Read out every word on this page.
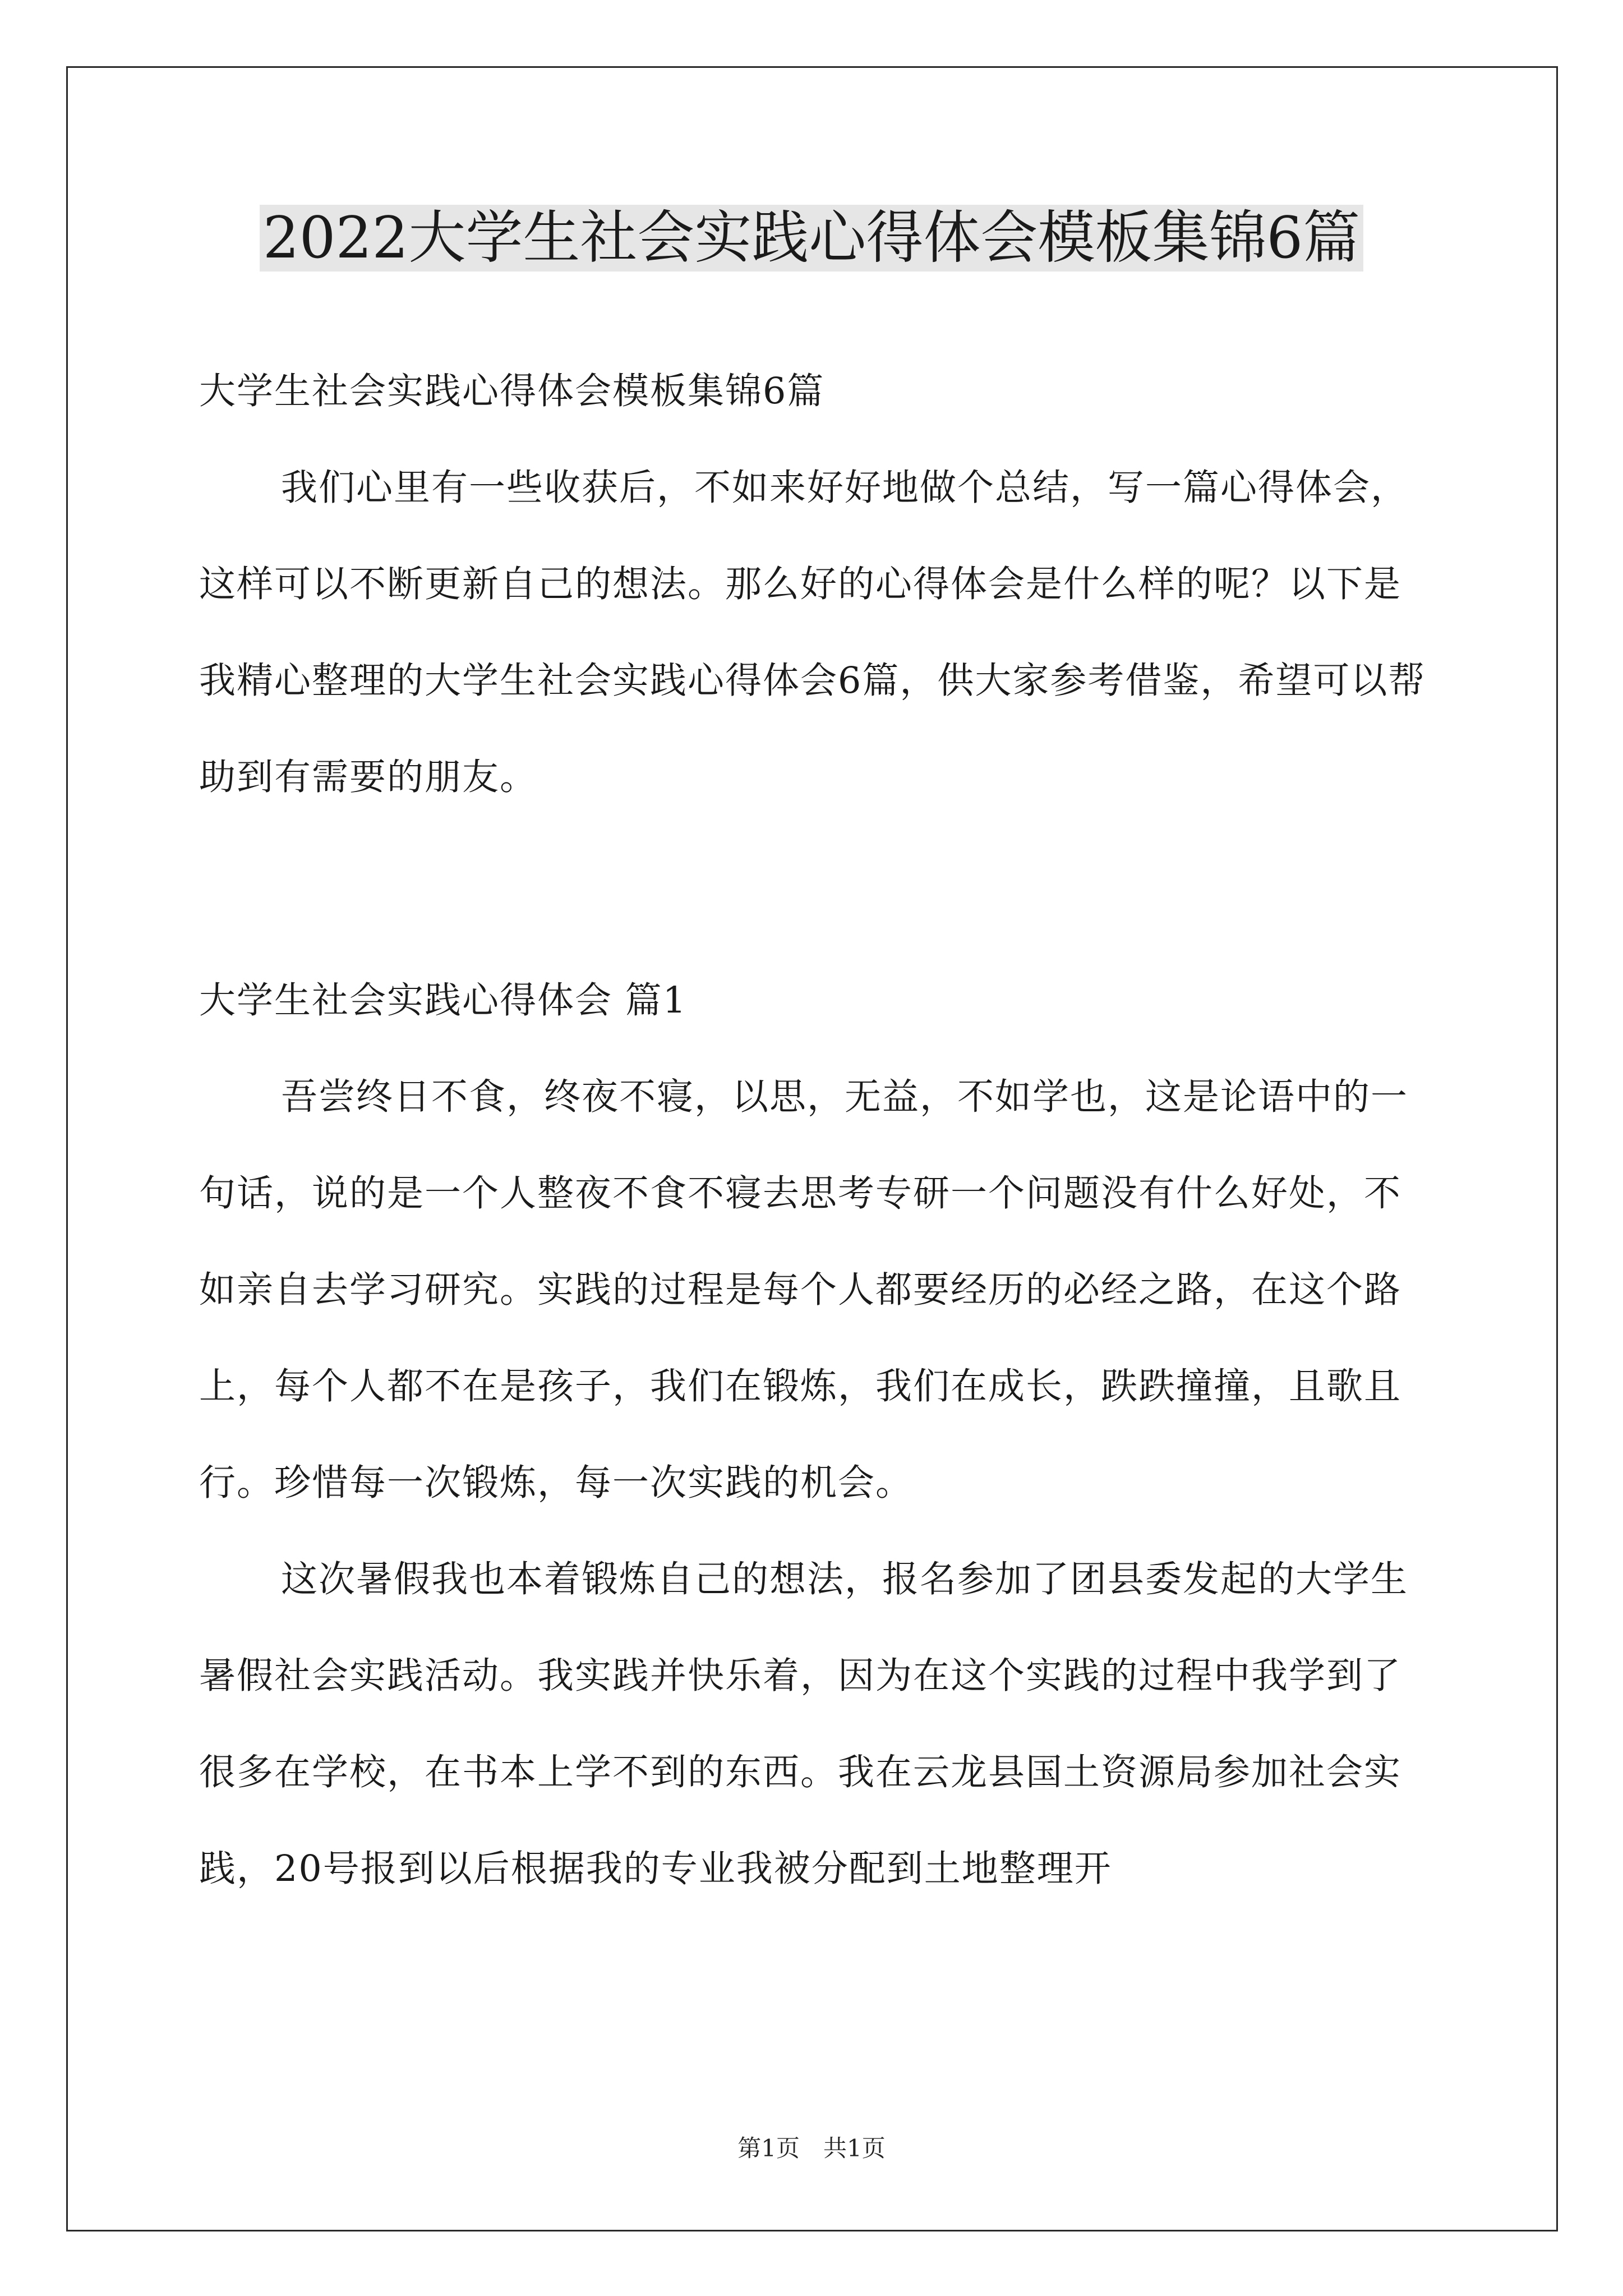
2022大学生社会实践心得体会模板集锦6篇

大学生社会实践心得体会模板集锦6篇

我们心里有一些收获后，不如来好好地做个总结，写一篇心得体会，这样可以不断更新自己的想法。那么好的心得体会是什么样的呢？以下是我精心整理的大学生社会实践心得体会6篇，供大家参考借鉴，希望可以帮助到有需要的朋友。

大学生社会实践心得体会 篇1

吾尝终日不食，终夜不寝，以思，无益，不如学也，这是论语中的一句话，说的是一个人整夜不食不寝去思考专研一个问题没有什么好处，不如亲自去学习研究。实践的过程是每个人都要经历的必经之路，在这个路上，每个人都不在是孩子，我们在锻炼，我们在成长，跌跌撞撞，且歌且行。珍惜每一次锻炼，每一次实践的机会。

这次暑假我也本着锻炼自己的想法，报名参加了团县委发起的大学生暑假社会实践活动。我实践并快乐着，因为在这个实践的过程中我学到了很多在学校，在书本上学不到的东西。我在云龙县国土资源局参加社会实践，20号报到以后根据我的专业我被分配到土地整理开

第1页　共1页
